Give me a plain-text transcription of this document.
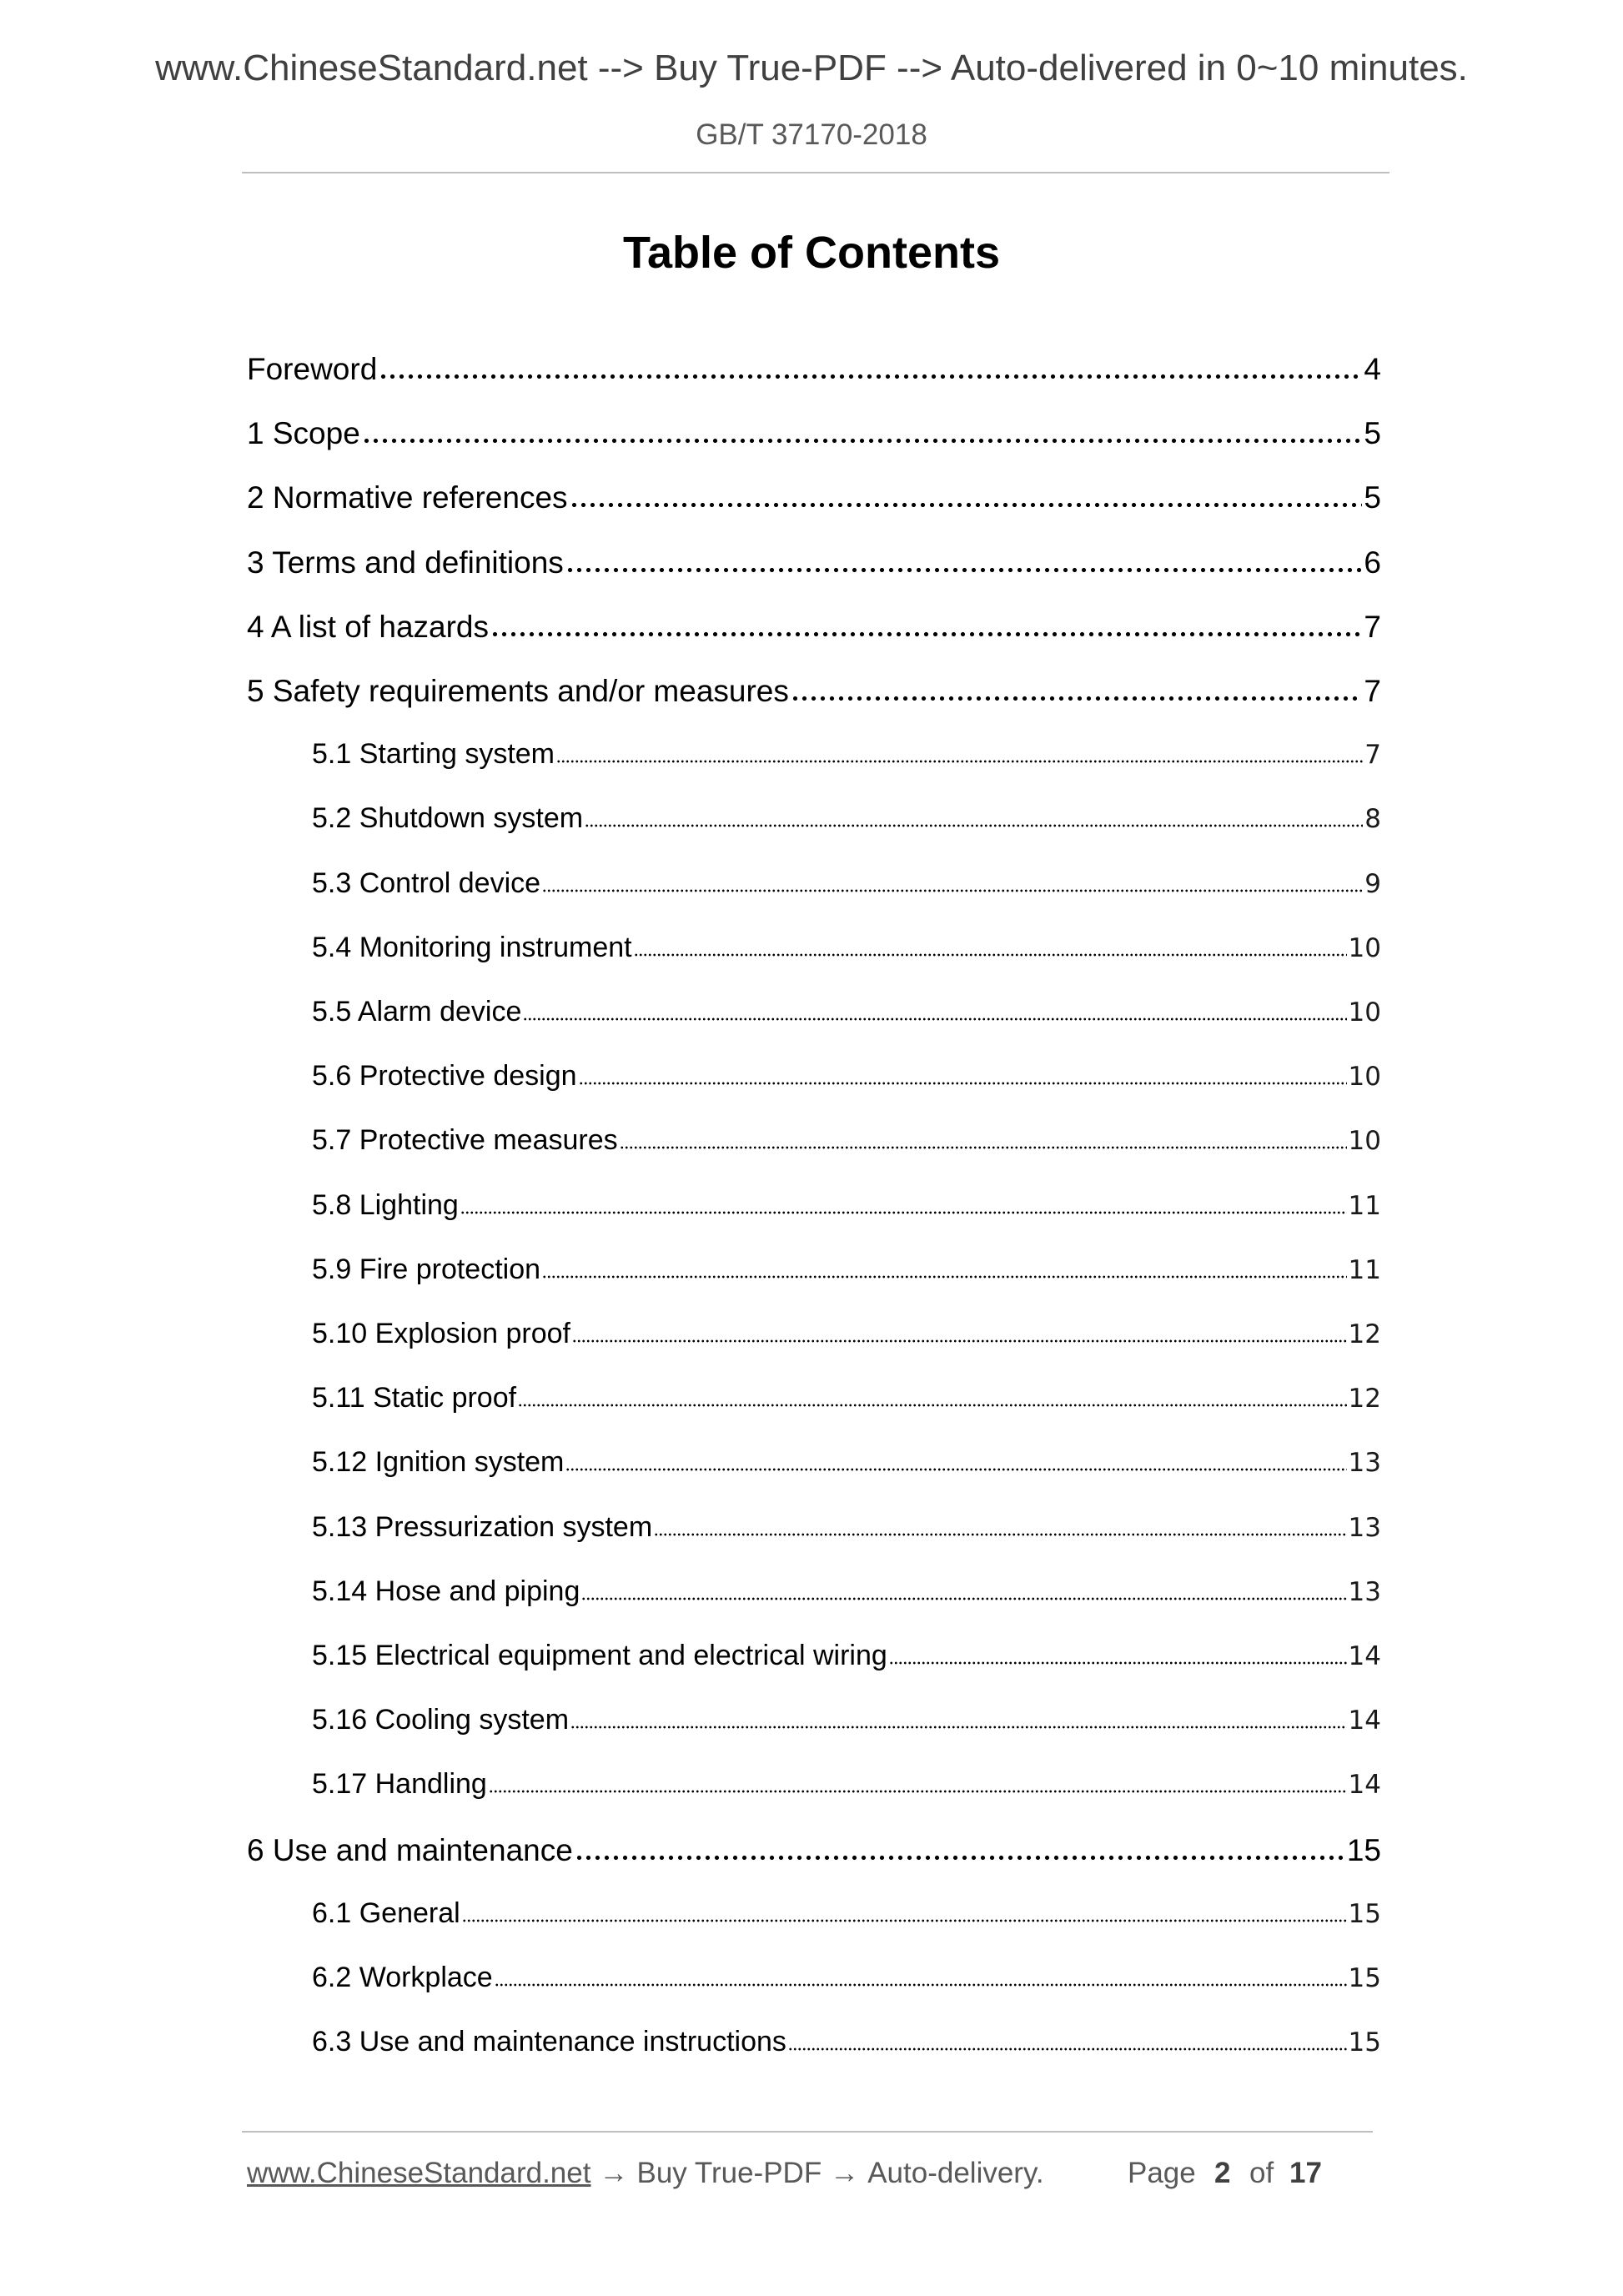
www.ChineseStandard.net --> Buy True-PDF --> Auto-delivered in 0~10 minutes.
GB/T 37170-2018
Table of Contents
Foreword	4
1 Scope	5
2 Normative references	5
3 Terms and definitions	6
4 A list of hazards	7
5 Safety requirements and/or measures	7
5.1 Starting system	7
5.2 Shutdown system	8
5.3 Control device	9
5.4 Monitoring instrument	10
5.5 Alarm device	10
5.6 Protective design	10
5.7 Protective measures	10
5.8 Lighting	11
5.9 Fire protection	11
5.10 Explosion proof	12
5.11 Static proof	12
5.12 Ignition system	13
5.13 Pressurization system	13
5.14 Hose and piping	13
5.15 Electrical equipment and electrical wiring	14
5.16 Cooling system	14
5.17 Handling	14
6 Use and maintenance	15
6.1 General	15
6.2 Workplace	15
6.3 Use and maintenance instructions	15
www.ChineseStandard.net → Buy True-PDF → Auto-delivery.	Page 2 of 17
